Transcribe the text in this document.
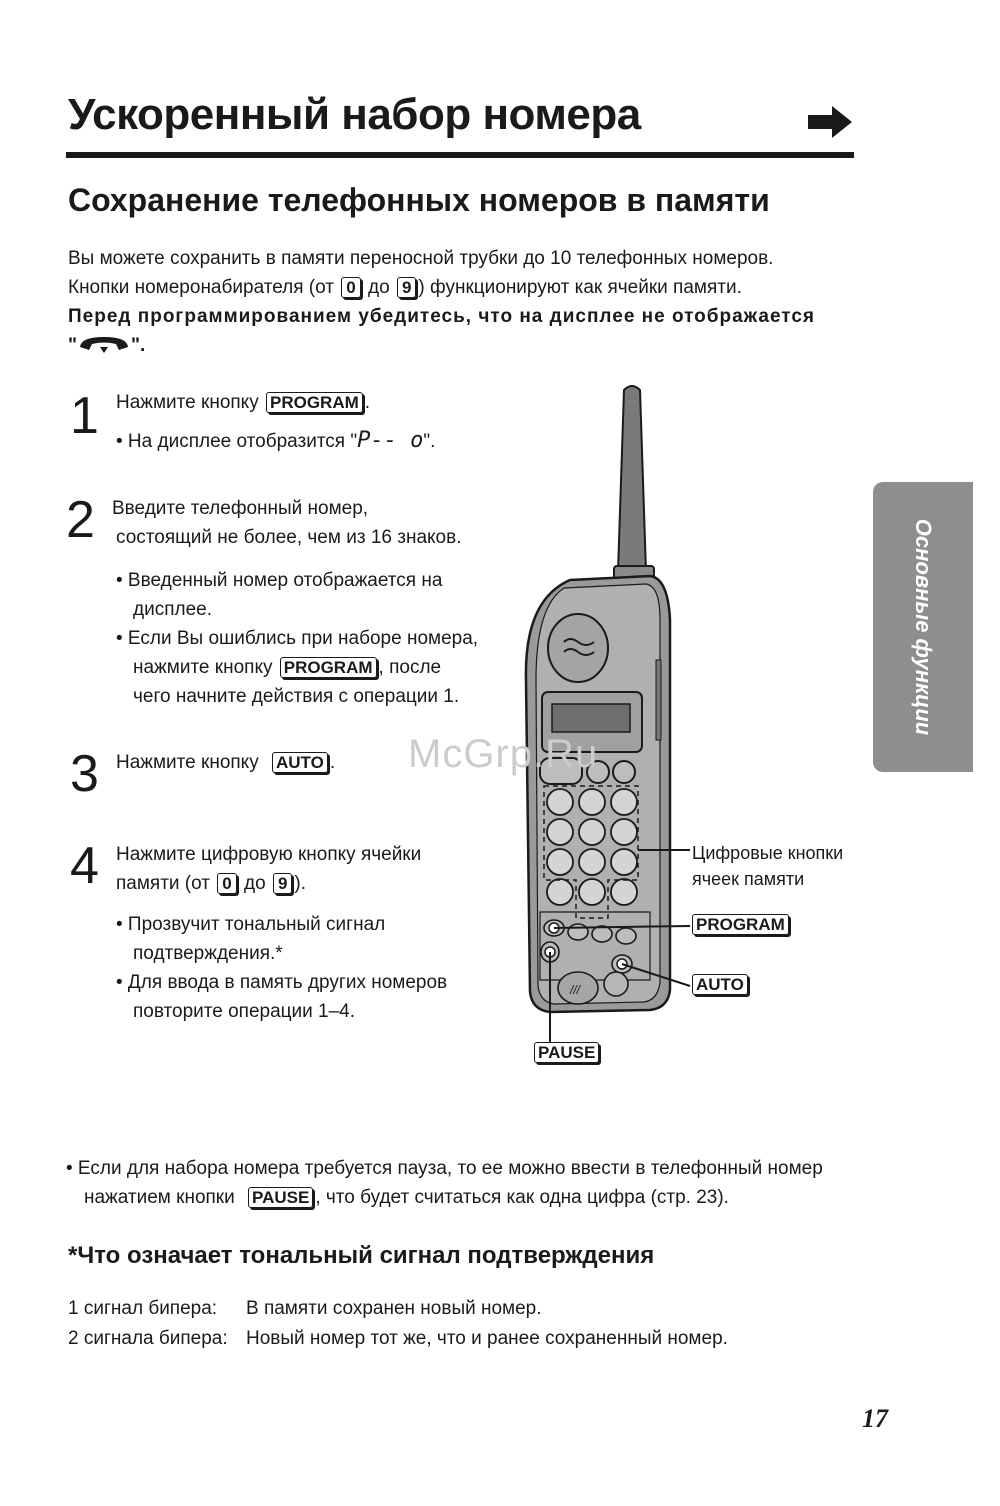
Ускоренный набор номера
Сохранение телефонных номеров в памяти
Вы можете сохранить в памяти переносной трубки до 10 телефонных номеров.
Кнопки номеронабирателя (от 0 до 9 ) функционируют как ячейки памяти.
Перед программированием убедитесь, что на дисплее не отображается
"	".
1 Нажмите кнопку PROGRAM .
• На дисплее отобразится "P-- o".
2 Введите телефонный номер,
состоящий не более, чем из 16 знаков.
• Введенный номер отображается на
дисплее.
• Если Вы ошиблись при наборе номера,
нажмите кнопку PROGRAM , после
чего начните действия с операции 1.
3 Нажмите кнопку AUTO .
4 Нажмите цифровую кнопку ячейки
памяти (от 0 до 9 ).
• Прозвучит тональный сигнал
подтверждения.*
• Для ввода в память других номеров
повторите операции 1–4.
///
Цифровые кнопки
ячеек памяти
PROGRAM
AUTO
PAUSE
McGrp.Ru
Основные функции
• Если для набора номера требуется пауза, то ее можно ввести в телефонный номер
нажатием кнопки PAUSE , что будет считаться как одна цифра (стр. 23).
*Что означает тональный сигнал подтверждения
1 сигнал бипера:	В памяти сохранен новый номер.
2 сигнала бипера: Новый номер тот же, что и ранее сохраненный номер.
17
